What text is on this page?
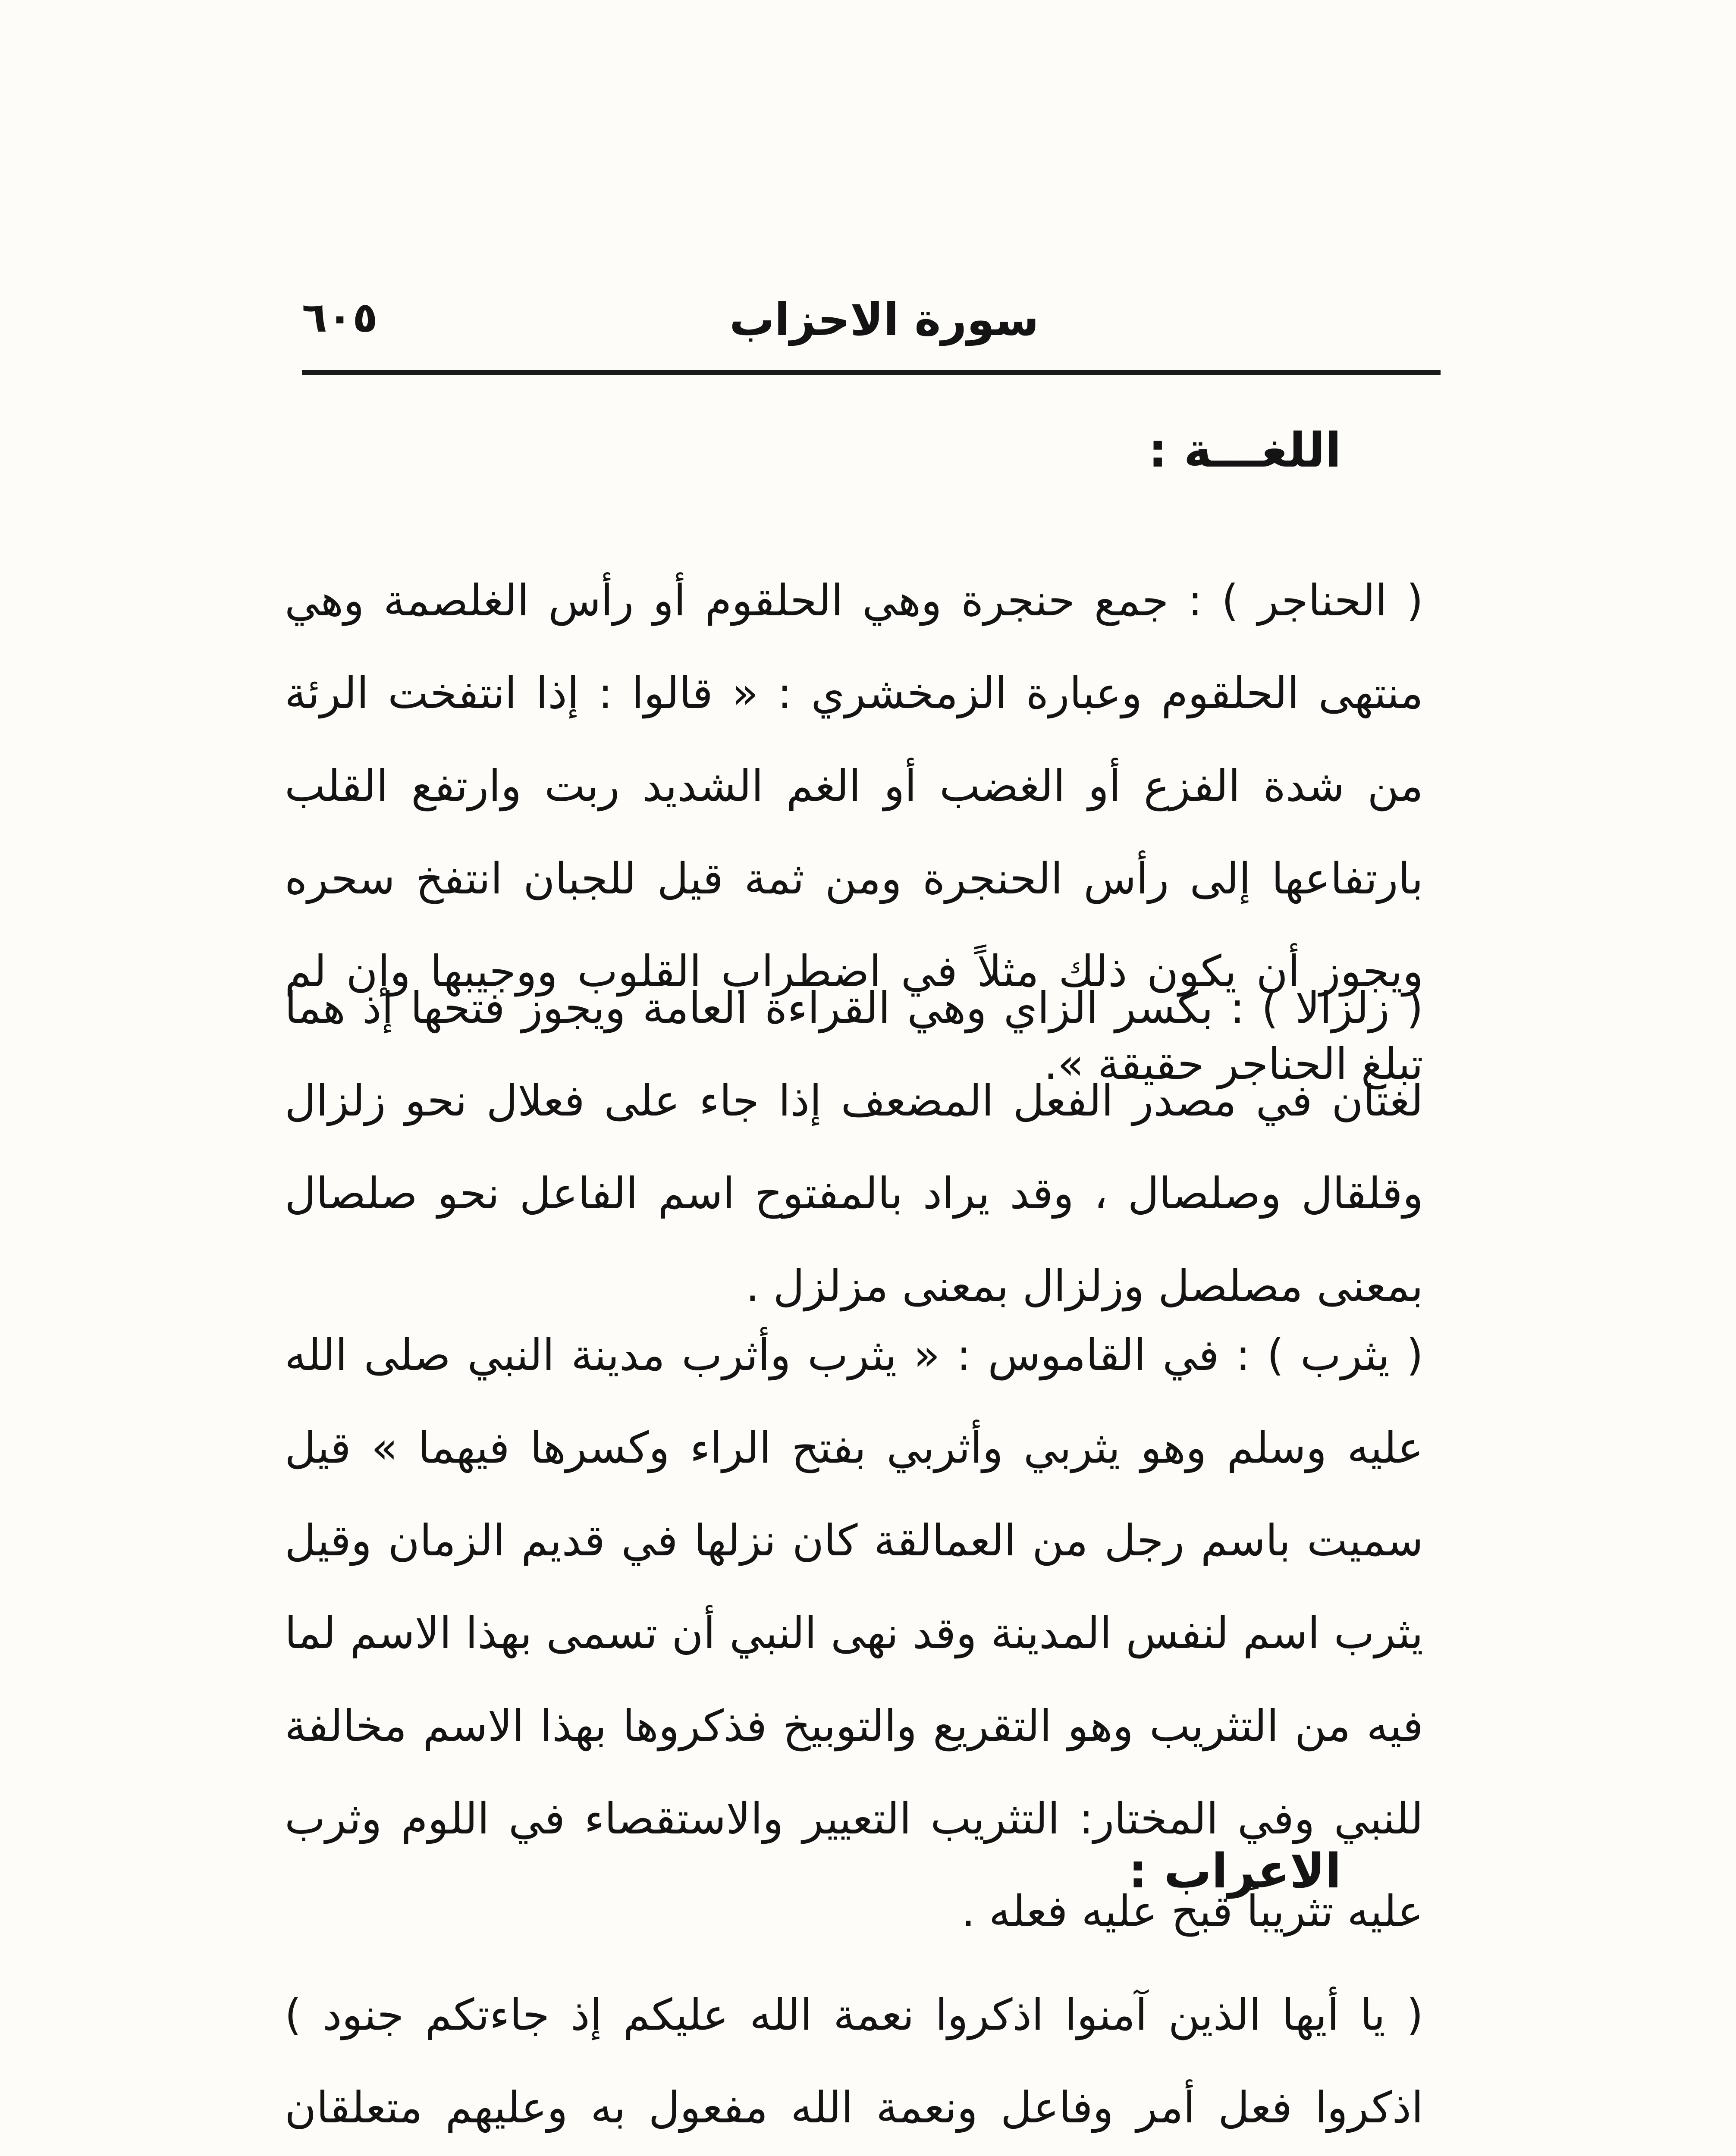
٦٠٥	سورة الاحزاب
اللغـــة :

( الحناجر ) : جمع حنجرة وهي الحلقوم أو رأس الغلصمة وهي منتهى الحلقوم وعبارة الزمخشري : « قالوا : إذا انتفخت الرئة من شدة الفزع أو الغضب أو الغم الشديد ربت وارتفع القلب بارتفاعها إلى رأس الحنجرة ومن ثمة قيل للجبان انتفخ سحره ويجوز أن يكون ذلك مثلاً في اضطراب القلوب ووجيبها وإن لم تبلغ الحناجر حقيقة ».

( زلزالا ) : بكسر الزاي وهي القراءة العامة ويجوز فتحها إذ هما لغتان في مصدر الفعل المضعف إذا جاء على فعلال نحو زلزال وقلقال وصلصال ، وقد يراد بالمفتوح اسم الفاعل نحو صلصال بمعنى مصلصل وزلزال بمعنى مزلزل .

( يثرب ) : في القاموس : « يثرب وأثرب مدينة النبي صلى الله عليه وسلم وهو يثربي وأثربي بفتح الراء وكسرها فيهما » قيل سميت باسم رجل من العمالقة كان نزلها في قديم الزمان وقيل يثرب اسم لنفس المدينة وقد نهى النبي أن تسمى بهذا الاسم لما فيه من التثريب وهو التقريع والتوبيخ فذكروها بهذا الاسم مخالفة للنبي وفي المختار: التثريب التعيير والاستقصاء في اللوم وثرب عليه تثريباً قبح عليه فعله .

الاعراب :

( يا أيها الذين آمنوا اذكروا نعمة الله عليكم إذ جاءتكم جنود ) اذكروا فعل أمر وفاعل ونعمة الله مفعول به وعليهم متعلقان
